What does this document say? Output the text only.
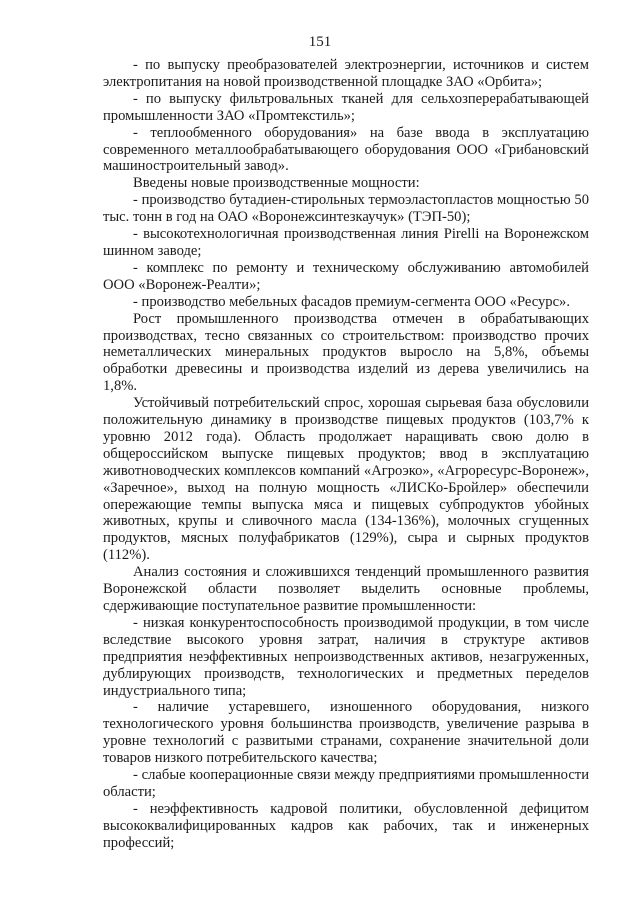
151

- по выпуску преобразователей электроэнергии, источников и систем электропитания на новой производственной площадке ЗАО «Орбита»;

- по выпуску фильтровальных тканей для сельхозперерабатывающей промышленности ЗАО «Промтекстиль»;

- теплообменного оборудования» на базе ввода в эксплуатацию современного металлообрабатывающего оборудования ООО «Грибановский машиностроительный завод».

Введены новые производственные мощности:

- производство бутадиен-стирольных термоэластопластов мощностью 50 тыс. тонн в год на ОАО «Воронежсинтезкаучук» (ТЭП-50);

- высокотехнологичная производственная линия Pirelli на Воронежском шинном заводе;

- комплекс по ремонту и техническому обслуживанию автомобилей ООО «Воронеж-Реалти»;

- производство мебельных фасадов премиум-сегмента ООО «Ресурс».

Рост промышленного производства отмечен в обрабатывающих производствах, тесно связанных со строительством: производство прочих неметаллических минеральных продуктов выросло на 5,8%, объемы обработки древесины и производства изделий из дерева увеличились на 1,8%.

Устойчивый потребительский спрос, хорошая сырьевая база обусловили положительную динамику в производстве пищевых продуктов (103,7% к уровню 2012 года). Область продолжает наращивать свою долю в общероссийском выпуске пищевых продуктов; ввод в эксплуатацию животноводческих комплексов компаний «Агроэко», «Агроресурс-Воронеж», «Заречное», выход на полную мощность «ЛИСКо-Бройлер» обеспечили опережающие темпы выпуска мяса и пищевых субпродуктов убойных животных, крупы и сливочного масла (134-136%), молочных сгущенных продуктов, мясных полуфабрикатов (129%), сыра и сырных продуктов (112%).

Анализ состояния и сложившихся тенденций промышленного развития Воронежской области позволяет выделить основные проблемы, сдерживающие поступательное развитие промышленности:

- низкая конкурентоспособность производимой продукции, в том числе вследствие высокого уровня затрат, наличия в структуре активов предприятия неэффективных непроизводственных активов, незагруженных, дублирующих производств, технологических и предметных переделов индустриального типа;

- наличие устаревшего, изношенного оборудования, низкого технологического уровня большинства производств, увеличение разрыва в уровне технологий с развитыми странами, сохранение значительной доли товаров низкого потребительского качества;

- слабые кооперационные связи между предприятиями промышленности области;

- неэффективность кадровой политики, обусловленной дефицитом высококвалифицированных кадров как рабочих, так и инженерных профессий;
